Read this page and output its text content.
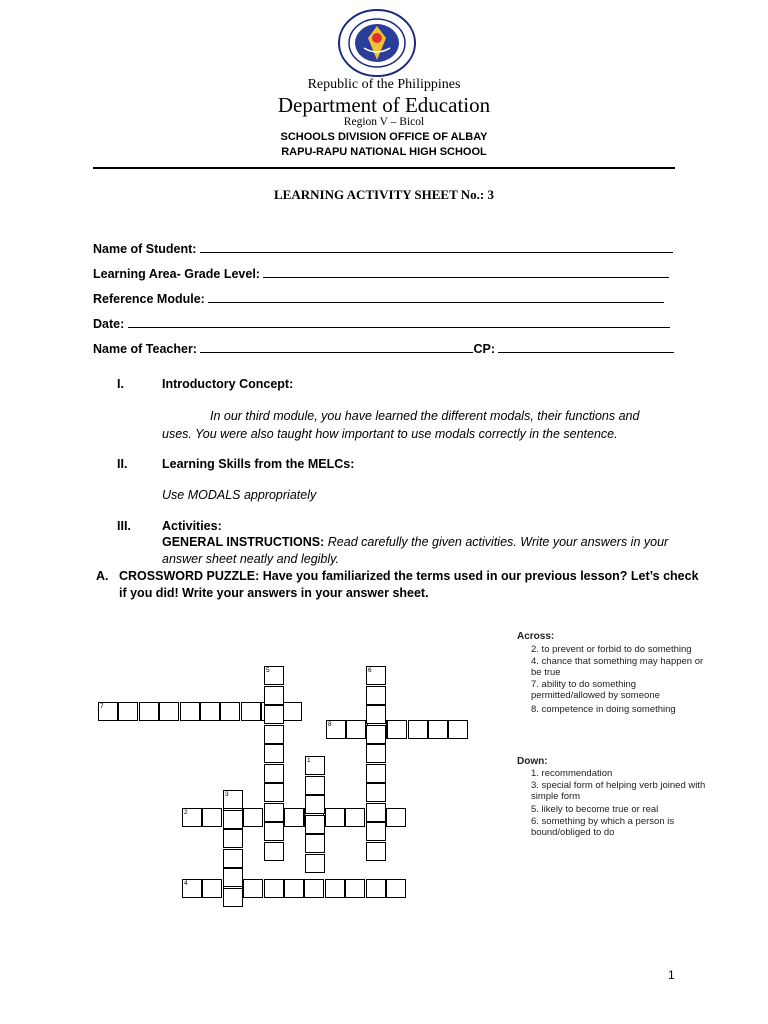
Republic of the Philippines
Department of Education
Region V – Bicol
SCHOOLS DIVISION OFFICE OF ALBAY
RAPU-RAPU NATIONAL HIGH SCHOOL
LEARNING ACTIVITY SHEET No.: 3
Name of Student:
Learning Area- Grade Level:
Reference Module:
Date:
Name of Teacher:	CP:
I.	Introductory Concept:
In our third module, you have learned the different modals, their functions and
uses. You were also taught how important to use modals correctly in the sentence.
II.	Learning Skills from the MELCs:
Use MODALS appropriately
III. Activities:
GENERAL INSTRUCTIONS: Read carefully the given activities. Write your answers in your
answer sheet neatly and legibly.
A. CROSSWORD PUZZLE: Have you familiarized the terms used in our previous lesson? Let’s check
if you did! Write your answers in your answer sheet.
7
8
2
4
5	6
1
3
Across:
2. to prevent or forbid to do something
4. chance that something may happen or
be true
7. ability to do something
permitted/allowed by someone
8. competence in doing something
Down:
1. recommendation
3. special form of helping verb joined with
simple form
5. likely to become true or real
6. something by which a person is
bound/obliged to do
1
